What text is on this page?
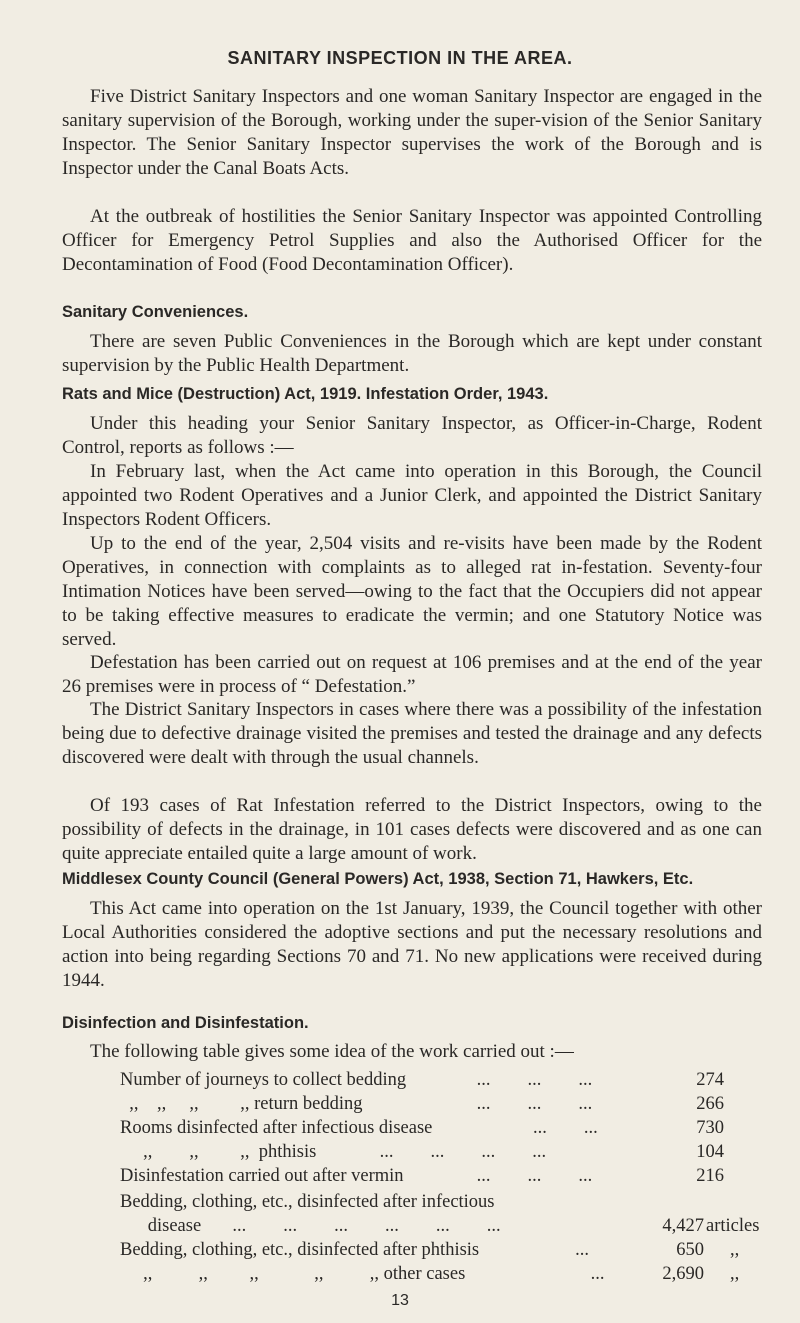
SANITARY INSPECTION IN THE AREA.
Five District Sanitary Inspectors and one woman Sanitary Inspector are engaged in the sanitary supervision of the Borough, working under the super-vision of the Senior Sanitary Inspector. The Senior Sanitary Inspector supervises the work of the Borough and is Inspector under the Canal Boats Acts.
At the outbreak of hostilities the Senior Sanitary Inspector was appointed Controlling Officer for Emergency Petrol Supplies and also the Authorised Officer for the Decontamination of Food (Food Decontamination Officer).
Sanitary Conveniences.
There are seven Public Conveniences in the Borough which are kept under constant supervision by the Public Health Department.
Rats and Mice (Destruction) Act, 1919. Infestation Order, 1943.
Under this heading your Senior Sanitary Inspector, as Officer-in-Charge, Rodent Control, reports as follows :—
In February last, when the Act came into operation in this Borough, the Council appointed two Rodent Operatives and a Junior Clerk, and appointed the District Sanitary Inspectors Rodent Officers.
Up to the end of the year, 2,504 visits and re-visits have been made by the Rodent Operatives, in connection with complaints as to alleged rat in-festation. Seventy-four Intimation Notices have been served—owing to the fact that the Occupiers did not appear to be taking effective measures to eradicate the vermin; and one Statutory Notice was served.
Defestation has been carried out on request at 106 premises and at the end of the year 26 premises were in process of “ Defestation.”
The District Sanitary Inspectors in cases where there was a possibility of the infestation being due to defective drainage visited the premises and tested the drainage and any defects discovered were dealt with through the usual channels.
Of 193 cases of Rat Infestation referred to the District Inspectors, owing to the possibility of defects in the drainage, in 101 cases defects were discovered and as one can quite appreciate entailed quite a large amount of work.
Middlesex County Council (General Powers) Act, 1938, Section 71, Hawkers, Etc.
This Act came into operation on the 1st January, 1939, the Council together with other Local Authorities considered the adoptive sections and put the necessary resolutions and action into being regarding Sections 70 and 71. No new applications were received during 1944.
Disinfection and Disinfestation.
The following table gives some idea of the work carried out :—
Number of journeys to collect bedding	...        ...        ...	274
,,    ,,     ,,         ,, return bedding	...        ...        ...	266
Rooms disinfected after infectious disease	...        ...	730
,,        ,,         ,,  phthisis	...        ...        ...        ...	104
Disinfestation carried out after vermin	...        ...        ...	216
Bedding, clothing, etc., disinfected after infectious
disease
...        ...        ...        ...        ...        ...	4,427 articles
Bedding, clothing, etc., disinfected after phthisis	...	650 ,,
,,          ,,         ,,            ,,          ,, other cases	...	2,690 ,,
13
